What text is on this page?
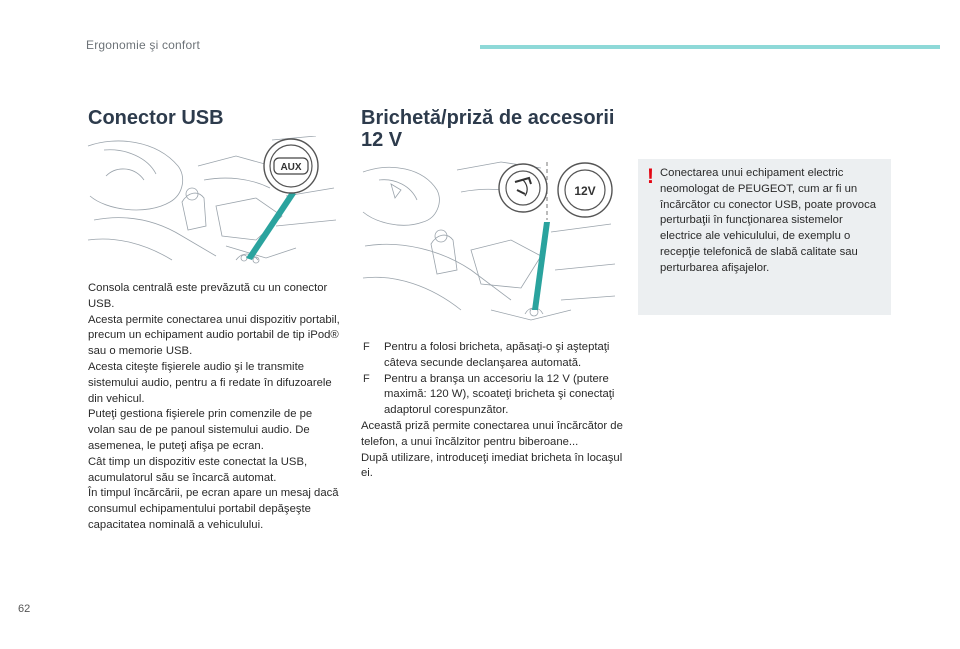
Ergonomie şi confort
Conector USB
AUX

Consola centrală este prevăzută cu un conector USB.

Acesta permite conectarea unui dispozitiv portabil, precum un echipament audio portabil de tip iPod® sau o memorie USB.

Acesta citeşte fişierele audio şi le transmite sistemului audio, pentru a fi redate în difuzoarele din vehicul.

Puteţi gestiona fişierele prin comenzile de pe volan sau de pe panoul sistemului audio. De asemenea, le puteţi afişa pe ecran.

Cât timp un dispozitiv este conectat la USB, acumulatorul său se încarcă automat.

În timpul încărcării, pe ecran apare un mesaj dacă consumul echipamentului portabil depăşeşte capacitatea nominală a vehiculului.

Brichetă/priză de accesorii 12 V
12V
F Pentru a folosi bricheta, apăsaţi-o şi aşteptaţi câteva secunde declanşarea automată.
F Pentru a branşa un accesoriu la 12 V (putere maximă: 120 W), scoateţi bricheta şi conectaţi adaptorul corespunzător.

Această priză permite conectarea unui încărcător de telefon, a unui încălzitor pentru biberoane...

După utilizare, introduceţi imediat bricheta în locaşul ei.

! Conectarea unui echipament electric neomologat de PEUGEOT, cum ar fi un încărcător cu conector USB, poate provoca perturbaţii în funcţionarea sistemelor electrice ale vehiculului, de exemplu o recepţie telefonică de slabă calitate sau perturbarea afişajelor.

62
